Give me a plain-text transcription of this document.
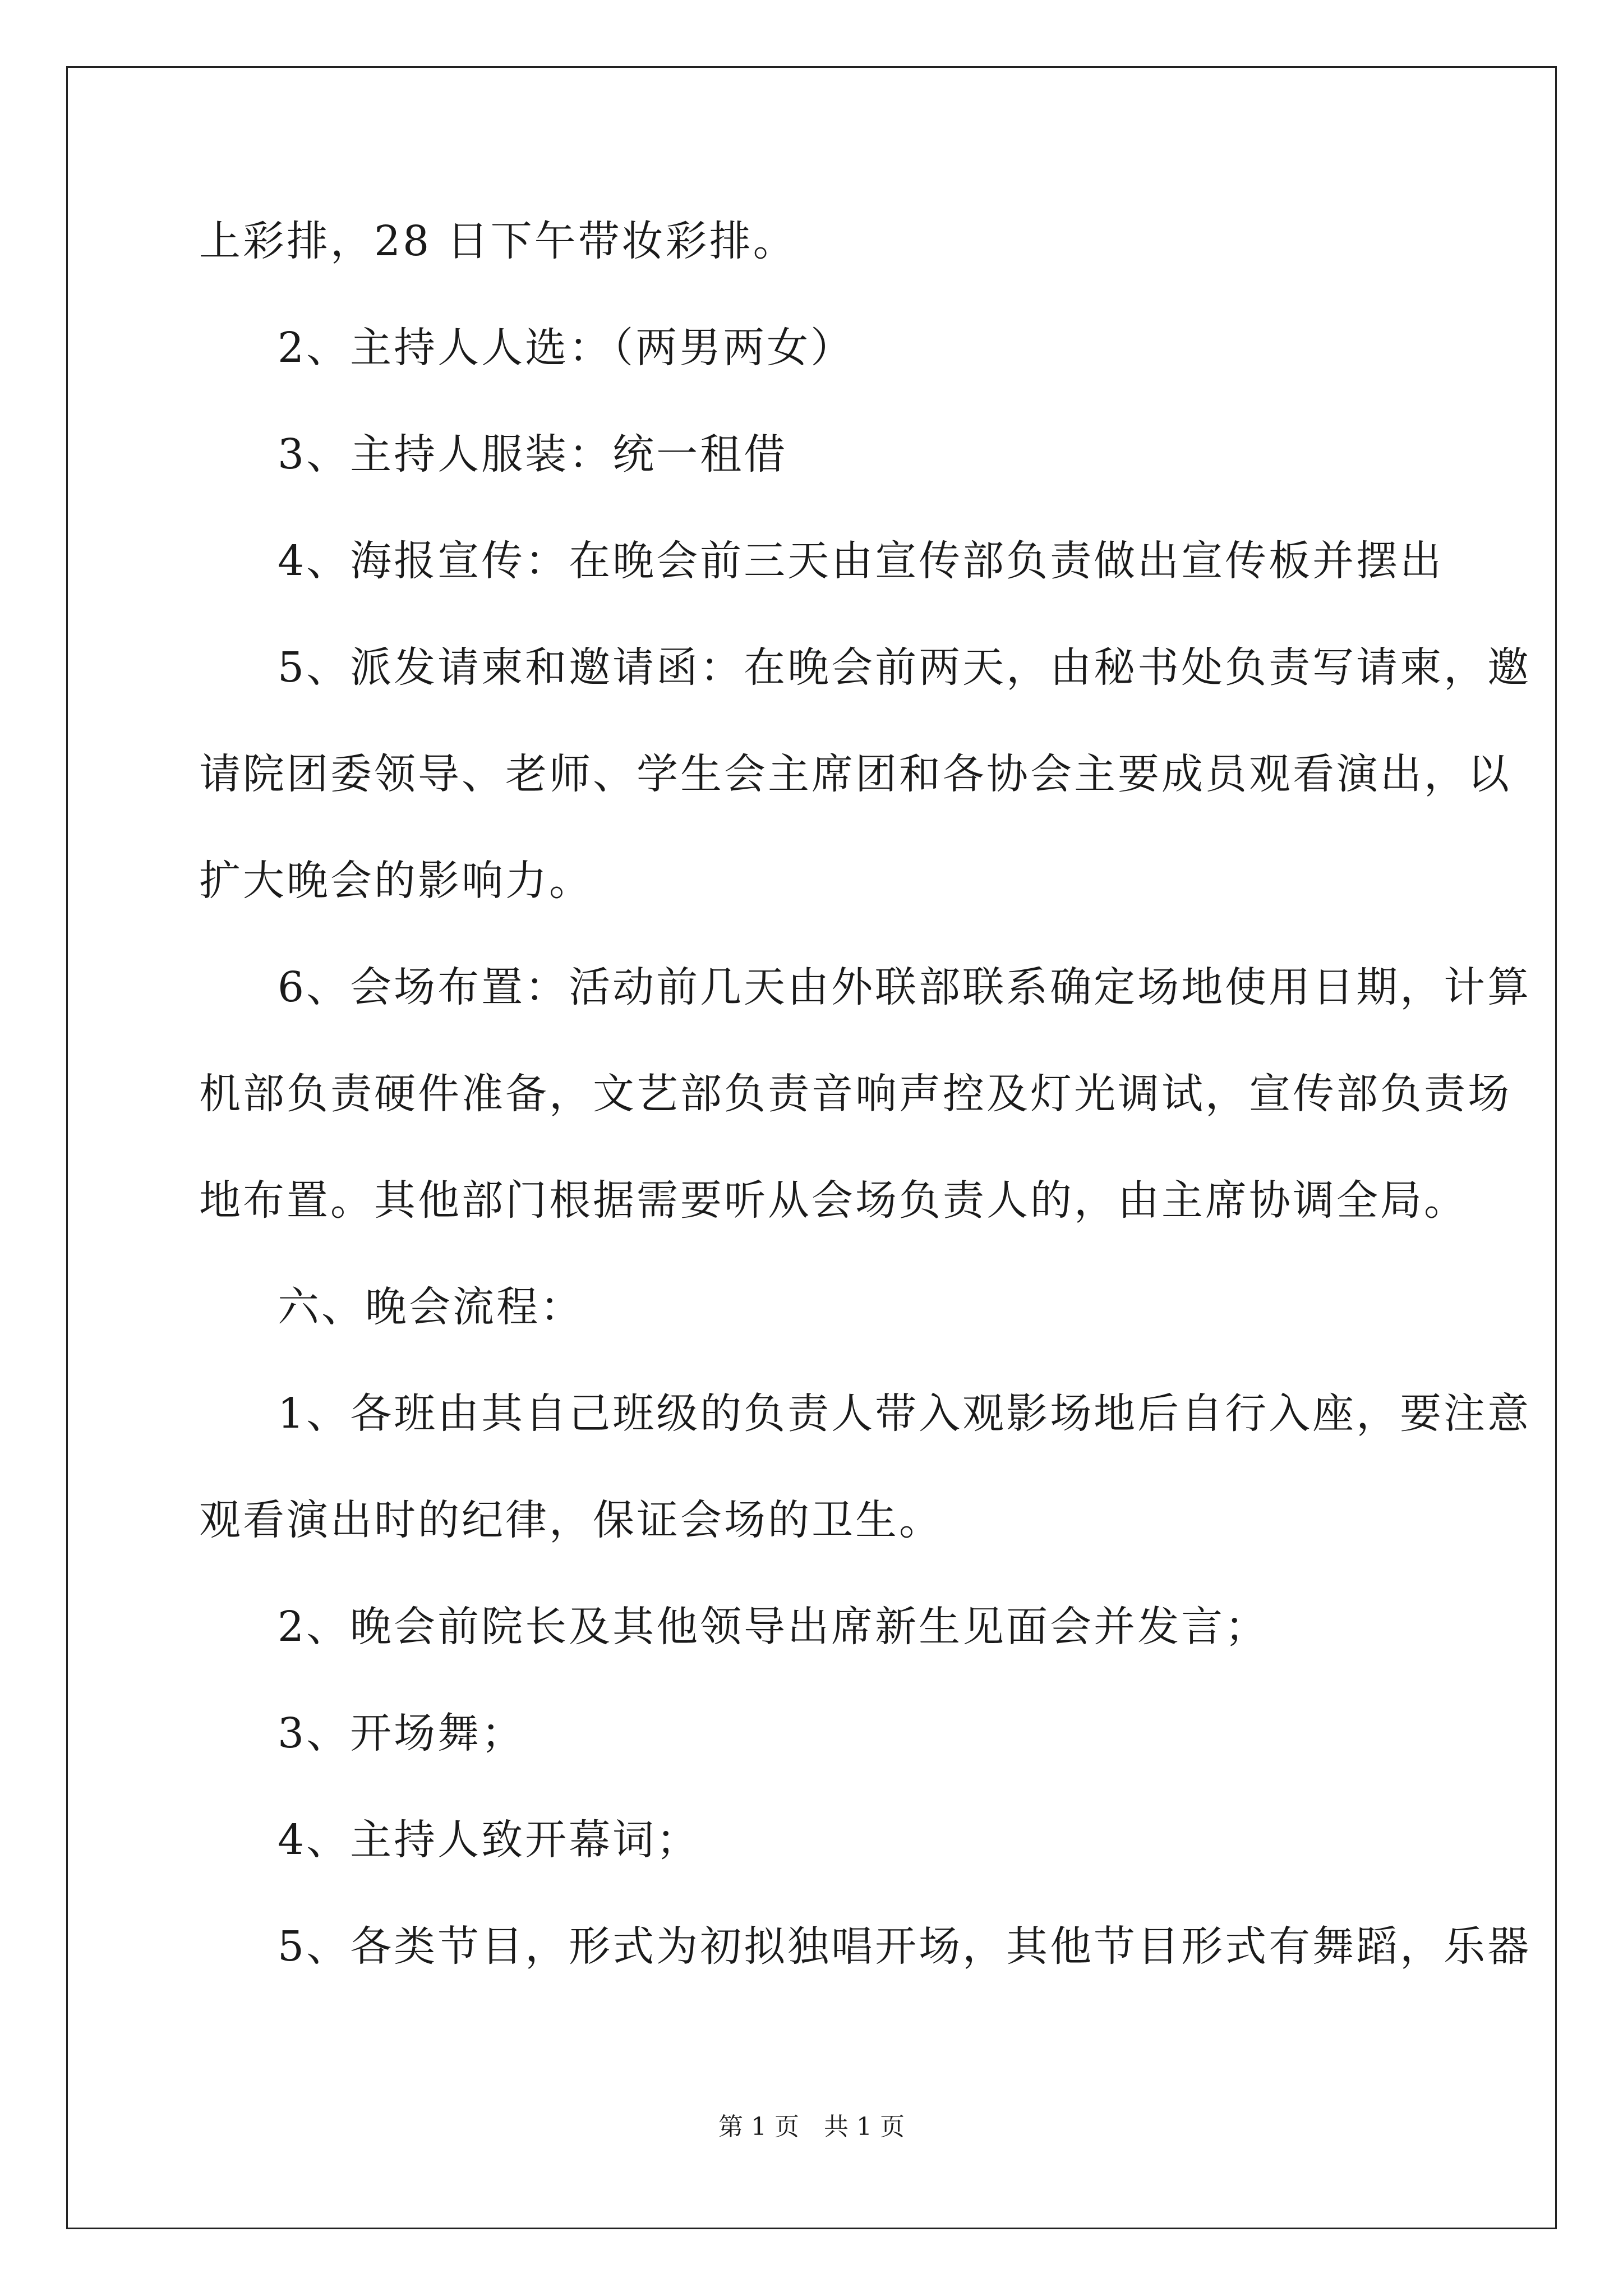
上彩排，28 日下午带妆彩排。
2、主持人人选：（两男两女）
3、主持人服装：统一租借
4、海报宣传：在晚会前三天由宣传部负责做出宣传板并摆出
5、派发请柬和邀请函：在晚会前两天，由秘书处负责写请柬，邀
请院团委领导、老师、学生会主席团和各协会主要成员观看演出，以
扩大晚会的影响力。
6、会场布置：活动前几天由外联部联系确定场地使用日期，计算
机部负责硬件准备，文艺部负责音响声控及灯光调试，宣传部负责场
地布置。其他部门根据需要听从会场负责人的，由主席协调全局。
六、晚会流程：
1、各班由其自己班级的负责人带入观影场地后自行入座，要注意
观看演出时的纪律，保证会场的卫生。
2、晚会前院长及其他领导出席新生见面会并发言；
3、开场舞；
4、主持人致开幕词；
5、各类节目，形式为初拟独唱开场，其他节目形式有舞蹈，乐器
第 1 页　共 1 页
